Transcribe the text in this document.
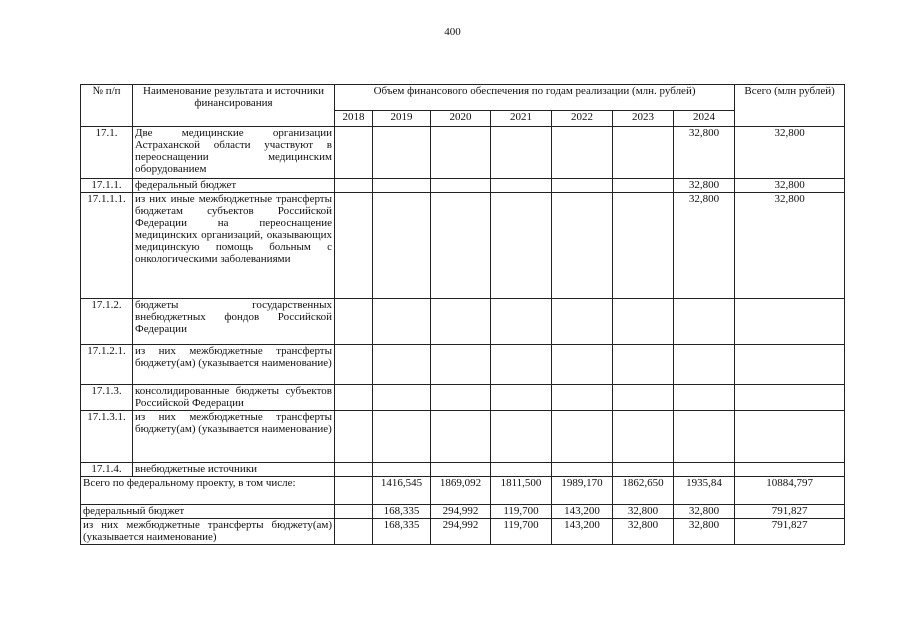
400
№ п/п	Наименование результата и источники финансирования	Объем финансового обеспечения по годам реализации (млн. рублей)							Всего (млн рублей)
		2018	2019	2020	2021	2022	2023	2024	
17.1.	Две медицинские организации Астраханской области участвуют в переоснащении медицинским оборудованием							32,800	32,800
17.1.1.	федеральный бюджет							32,800	32,800
17.1.1.1.	из них иные межбюджетные трансферты бюджетам субъектов Российской Федерации на переоснащение медицинских организаций, оказывающих медицинскую помощь больным с онкологическими заболеваниями							32,800	32,800
17.1.2.	бюджеты государственных внебюджетных фондов Российской Федерации								
17.1.2.1.	из них межбюджетные трансферты бюджету(ам) (указывается наименование)								
17.1.3.	консолидированные бюджеты субъектов Российской Федерации								
17.1.3.1.	из них межбюджетные трансферты бюджету(ам) (указывается наименование)								
17.1.4.	внебюджетные источники								
Всего по федеральному проекту, в том числе:			1416,545	1869,092	1811,500	1989,170	1862,650	1935,84	10884,797
федеральный бюджет			168,335	294,992	119,700	143,200	32,800	32,800	791,827
из них межбюджетные трансферты бюджету(ам) (указывается наименование)			168,335	294,992	119,700	143,200	32,800	32,800	791,827
